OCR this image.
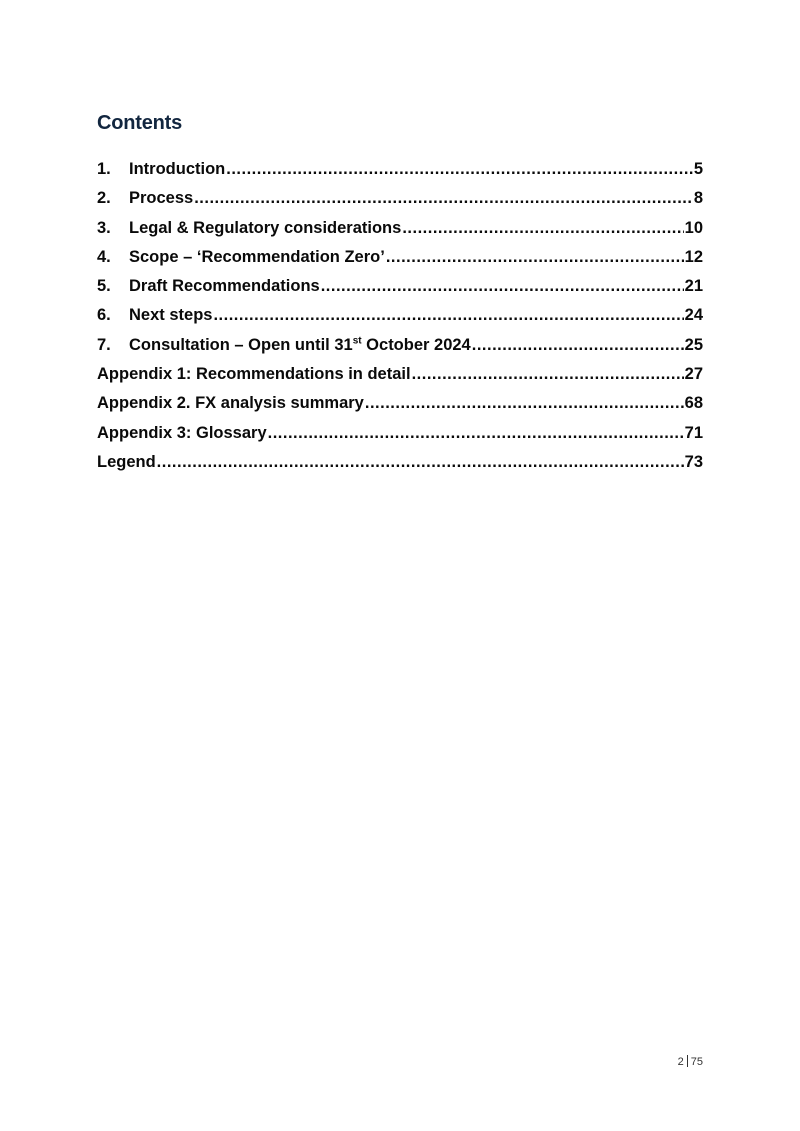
Contents
1.	Introduction .....	5
2.	Process .....	8
3.	Legal & Regulatory considerations .....	10
4.	Scope – ‘Recommendation Zero’ .....	12
5.	Draft Recommendations .....	21
6.	Next steps .....	24
7.	Consultation – Open until 31st October 2024 .....	25
Appendix 1: Recommendations in detail .....	27
Appendix 2. FX analysis summary .....	68
Appendix 3: Glossary .....	71
Legend .....	73
2 75
